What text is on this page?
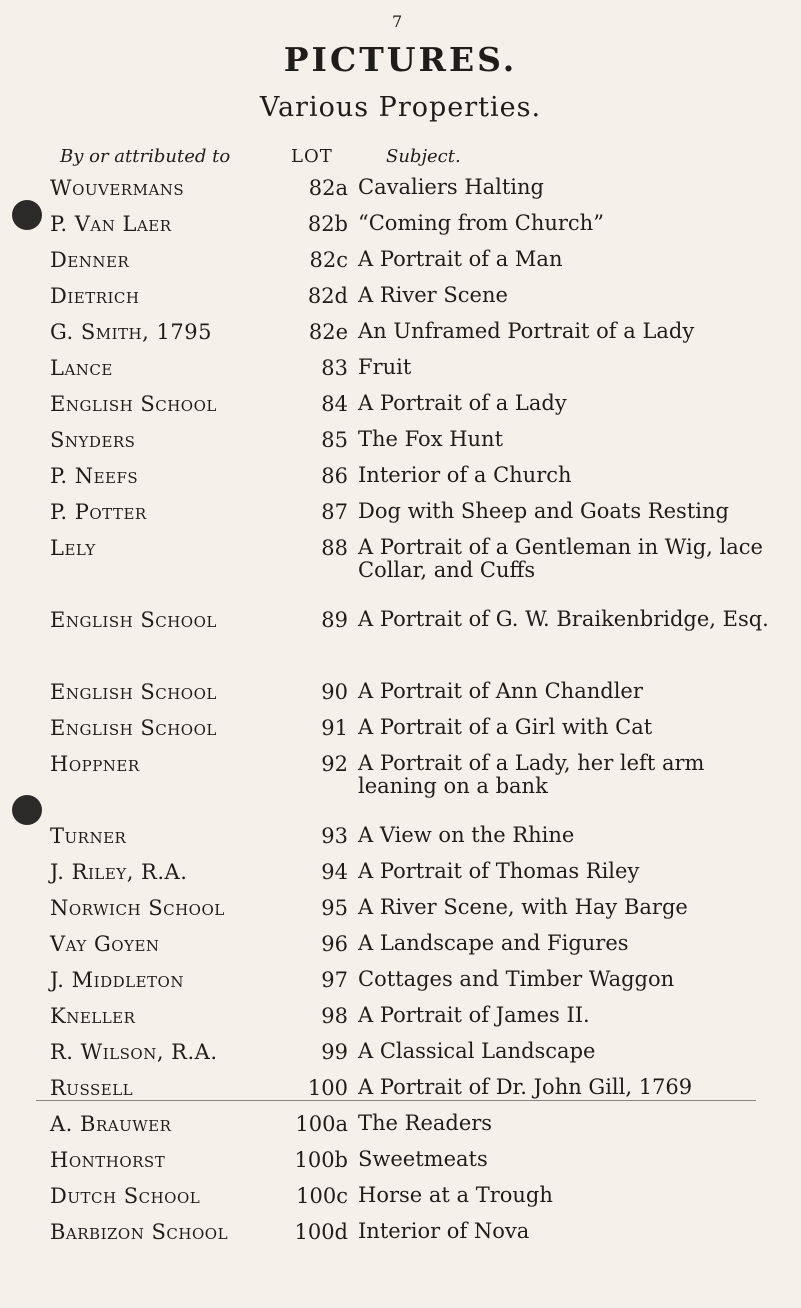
7
PICTURES.
Various Properties.
By or attributed to	LOT	Subject.
Wouvermans	82a Cavaliers Halting
P. Van Laer	82b “Coming from Church”
Denner	82c A Portrait of a Man
Dietrich	82d A River Scene
G. Smith, 1795	82e An Unframed Portrait of a Lady
Lance	83 Fruit
English School	84 A Portrait of a Lady
Snyders	85 The Fox Hunt
P. Neefs	86 Interior of a Church
P. Potter	87 Dog with Sheep and Goats Resting
Lely	88 A Portrait of a Gentleman in Wig, lace Collar, and Cuffs
English School	89 A Portrait of G. W. Braikenbridge, Esq.
English School	90 A Portrait of Ann Chandler
English School	91 A Portrait of a Girl with Cat
Hoppner	92 A Portrait of a Lady, her left arm leaning on a bank
Turner	93 A View on the Rhine
J. Riley, R.A.	94 A Portrait of Thomas Riley
Norwich School	95 A River Scene, with Hay Barge
Vay Goyen	96 A Landscape and Figures
J. Middleton	97 Cottages and Timber Waggon
Kneller	98 A Portrait of James II.
R. Wilson, R.A.	99 A Classical Landscape
Russell	100 A Portrait of Dr. John Gill, 1769
A. Brauwer	100a The Readers
Honthorst	100b Sweetmeats
Dutch School	100c Horse at a Trough
Barbizon School	100d Interior of Nova
